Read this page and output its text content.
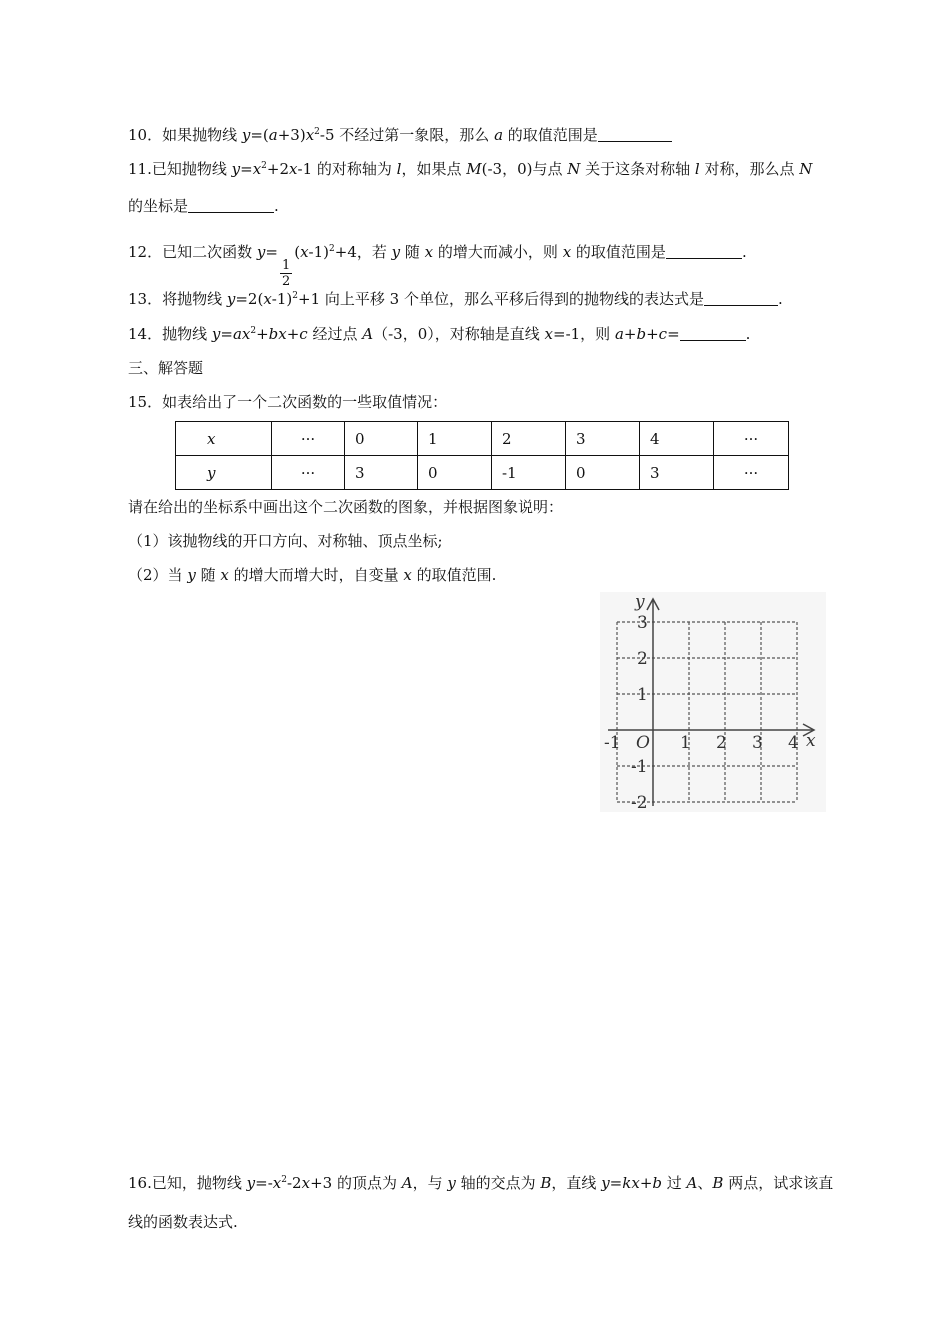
10．如果抛物线 $y=(a+3)x^2-5$ 不经过第一象限，那么 a 的取值范围是
11.已知抛物线 $y=x^2+2x-1$ 的对称轴为 l，如果点 M(-3，0)与点 N 关于这条对称轴 l 对称，那么点 N
的坐标是	.
12．已知二次函数 y=
$\frac{1}{2}$
$(x-1)^2+4$，若 y 随 x 的增大而减小，则 x 的取值范围是	.
13．将抛物线 $y=2(x-1)^2+1$ 向上平移 3 个单位，那么平移后得到的抛物线的表达式是	.
14．抛物线 $y=ax^2+bx+c$ 经过点 A（-3，0），对称轴是直线 x=-1，则 a+b+c=	.
三、解答题
15．如表给出了一个二次函数的一些取值情况：
x	···	0	1	2	3	4	···
y	···	3	0	-1	0	3	···
请在给出的坐标系中画出这个二次函数的图象，并根据图象说明：
（1）该抛物线的开口方向、对称轴、顶点坐标;
（2）当 y 随 x 的增大而增大时，自变量 x 的取值范围.
y
x
O
-1	1 2 3 4
3
2
1
-1
-2
16.已知，抛物线 $y=-x^2-2x+3$ 的顶点为 A，与 y 轴的交点为 B，直线 y=kx+b 过 A、B 两点，试求该直
线的函数表达式.
